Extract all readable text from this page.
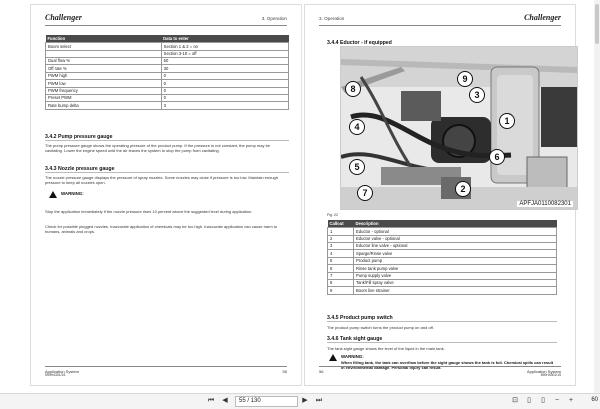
Challenger	3. Operation
Function	Data to enter
Boom select	Section 1 & 2 = on
	Section 3-10 = off
Dual flow %	50
Off rate %	30
PWM high	0
PWM low	0
PWM frequency	0
Preset PWM	0
Rate bump delta	3
3.4.2 Pump pressure gauge
The pump pressure gauge shows the operating pressure of the product pump. If the pressure is not constant, the pump may be cavitating. Lower the engine speed until the air leaves the system to stop the pump from cavitating.
3.4.3 Nozzle pressure gauge
The nozzle pressure gauge displays the pressure of spray nozzles. Some nozzles may close if pressure is too low. Maintain enough pressure to keep all nozzles open.
WARNING:
Stop the application immediately if the nozzle pressure rises 10 percent above the suggested level during application.
Check for possible plugged nozzles. Inaccurate application of chemicals may be too high. Inaccurate application can cause harm to humans, animals and crops.
Application System
590H4301/15
55
3. Operation	Challenger
3.4.4 Eductor - if equipped
Fig. 22
Callout	Description
1	Eductor - optional
2	Eductor valve - optional
3	Eductor line valve - optional
4	Sparge/Rinse valve
5	Product pump
6	Rinse tank pump valve
7	Pump supply valve
8	Tank/Fill spray valve
9	Boom line strainer
3.4.5 Product pump switch
The product pump switch turns the product pump on and off.
3.4.6 Tank sight gauge
The tank sight gauge shows the level of the liquid in the main tank.
WARNING:
When filling tank, the tank can overflow before the sight gauge shows the tank is full. Chemical spills can result in environmental damage. Personal injury can result.
56	Application System
590H4301/15
1
2
3
4
5
6
7
8
9
APFJA0110082301
⏮	◀	55 / 130	▶	⏭	⊡	▯	▯	−	+	60
